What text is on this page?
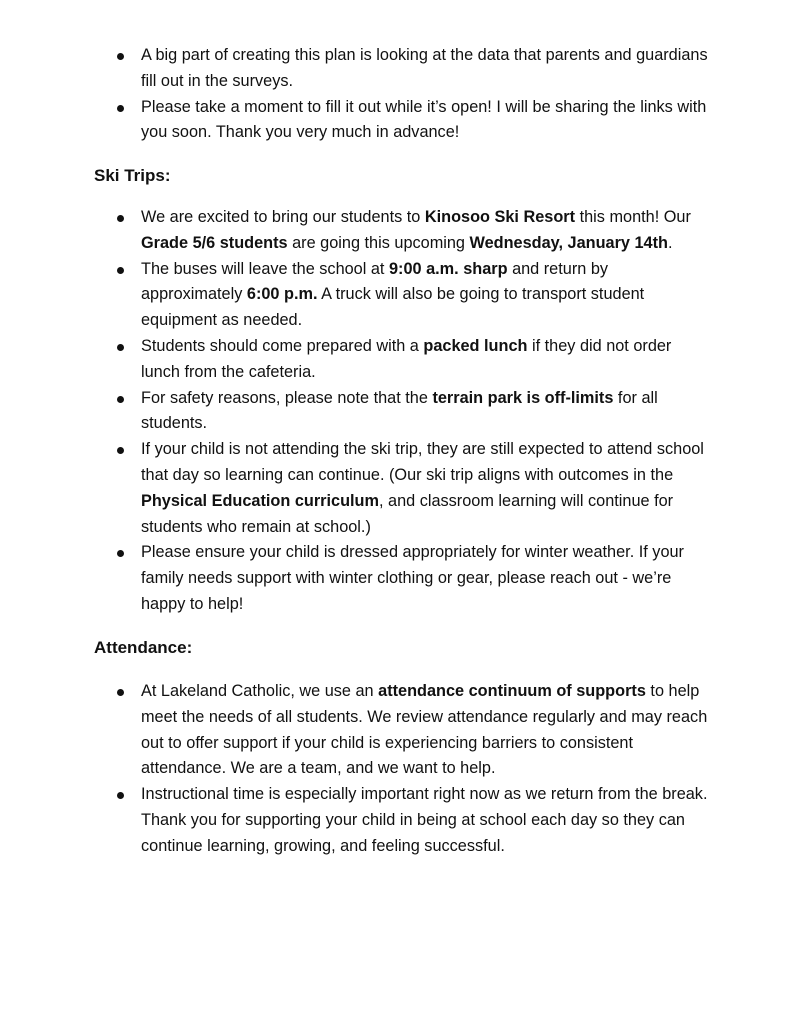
A big part of creating this plan is looking at the data that parents and guardians fill out in the surveys.
Please take a moment to fill it out while it’s open! I will be sharing the links with you soon. Thank you very much in advance!
Ski Trips:
We are excited to bring our students to Kinosoo Ski Resort this month! Our Grade 5/6 students are going this upcoming Wednesday, January 14th.
The buses will leave the school at 9:00 a.m. sharp and return by approximately 6:00 p.m. A truck will also be going to transport student equipment as needed.
Students should come prepared with a packed lunch if they did not order lunch from the cafeteria.
For safety reasons, please note that the terrain park is off-limits for all students.
If your child is not attending the ski trip, they are still expected to attend school that day so learning can continue. (Our ski trip aligns with outcomes in the Physical Education curriculum, and classroom learning will continue for students who remain at school.)
Please ensure your child is dressed appropriately for winter weather. If your family needs support with winter clothing or gear, please reach out - we’re happy to help!
Attendance:
At Lakeland Catholic, we use an attendance continuum of supports to help meet the needs of all students. We review attendance regularly and may reach out to offer support if your child is experiencing barriers to consistent attendance. We are a team, and we want to help.
Instructional time is especially important right now as we return from the break. Thank you for supporting your child in being at school each day so they can continue learning, growing, and feeling successful.
